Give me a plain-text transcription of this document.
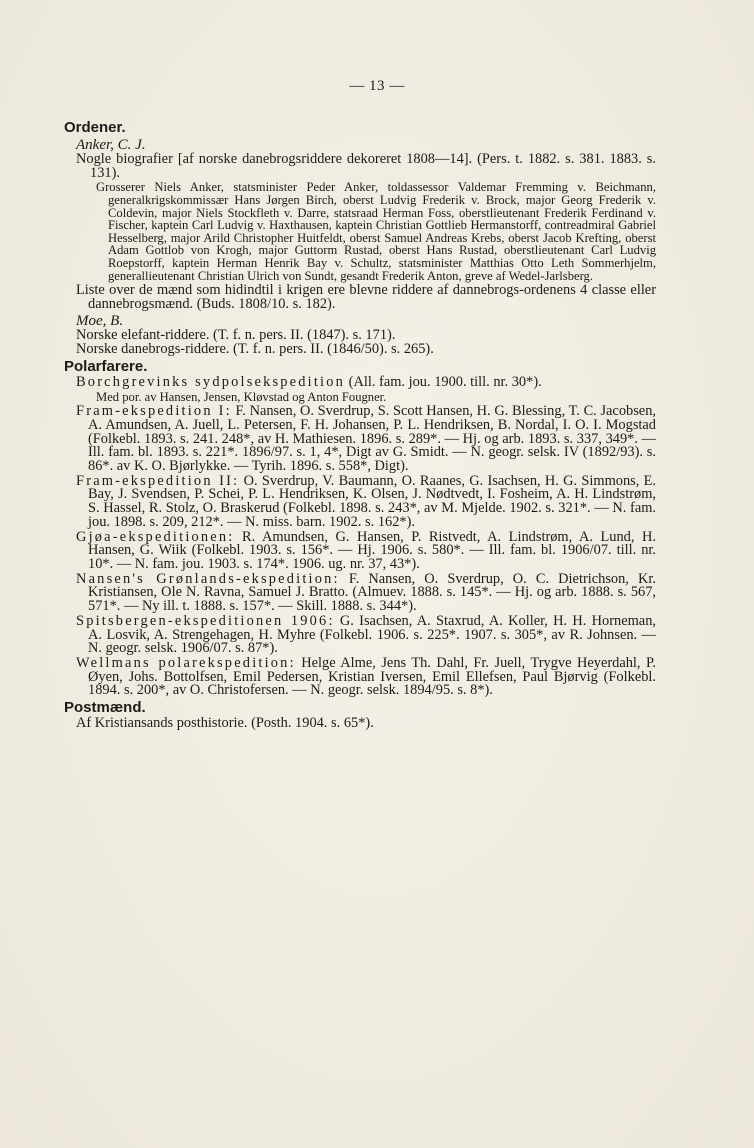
— 13 —
Ordener.
Anker, C. J.
Nogle biografier [af norske danebrogsriddere dekoreret 1808—14]. (Pers. t. 1882. s. 381. 1883. s. 131).
Grosserer Niels Anker, statsminister Peder Anker, toldassessor Valdemar Fremming v. Beichmann, generalkrigskommissær Hans Jørgen Birch, oberst Ludvig Frederik v. Brock, major Georg Frederik v. Coldevin, major Niels Stockfleth v. Darre, statsraad Herman Foss, oberstlieutenant Frederik Ferdinand v. Fischer, kaptein Carl Ludvig v. Haxthausen, kaptein Christian Gottlieb Hermanstorff, contreadmiral Gabriel Hesselberg, major Arild Christopher Huitfeldt, oberst Samuel Andreas Krebs, oberst Jacob Krefting, oberst Adam Gottlob von Krogh, major Guttorm Rustad, oberst Hans Rustad, oberstlieutenant Carl Ludvig Roepstorff, kaptein Herman Henrik Bay v. Schultz, statsminister Matthias Otto Leth Sommerhjelm, generallieutenant Christian Ulrich von Sundt, gesandt Frederik Anton, greve af Wedel-Jarlsberg.
Liste over de mænd som hidindtil i krigen ere blevne riddere af dannebrogs-ordenens 4 classe eller dannebrogsmænd. (Buds. 1808/10. s. 182).
Moe, B.
Norske elefant-riddere. (T. f. n. pers. II. (1847). s. 171).
Norske danebrogs-riddere. (T. f. n. pers. II. (1846/50). s. 265).
Polarfarere.
Borchgrevinks sydpolsekspedition (All. fam. jou. 1900. till. nr. 30*).
Med por. av Hansen, Jensen, Kløvstad og Anton Fougner.
Fram-ekspedition I: F. Nansen, O. Sverdrup, S. Scott Hansen, H. G. Blessing, T. C. Jacobsen, A. Amundsen, A. Juell, L. Petersen, F. H. Johansen, P. L. Hendriksen, B. Nordal, I. O. I. Mogstad (Folkebl. 1893. s. 241. 248*, av H. Mathiesen. 1896. s. 289*. — Hj. og arb. 1893. s. 337, 349*. — Ill. fam. bl. 1893. s. 221*. 1896/97. s. 1, 4*, Digt av G. Smidt. — N. geogr. selsk. IV (1892/93). s. 86*. av K. O. Bjørlykke. — Tyrih. 1896. s. 558*, Digt).
Fram-ekspedition II: O. Sverdrup, V. Baumann, O. Raanes, G. Isachsen, H. G. Simmons, E. Bay, J. Svendsen, P. Schei, P. L. Hendriksen, K. Olsen, J. Nødtvedt, I. Fosheim, A. H. Lindstrøm, S. Hassel, R. Stolz, O. Braskerud (Folkebl. 1898. s. 243*, av M. Mjelde. 1902. s. 321*. — N. fam. jou. 1898. s. 209, 212*. — N. miss. barn. 1902. s. 162*).
Gjøa-ekspeditionen: R. Amundsen, G. Hansen, P. Ristvedt, A. Lindstrøm, A. Lund, H. Hansen, G. Wiik (Folkebl. 1903. s. 156*. — Hj. 1906. s. 580*. — Ill. fam. bl. 1906/07. till. nr. 10*. — N. fam. jou. 1903. s. 174*. 1906. ug. nr. 37, 43*).
Nansen's Grønlands-ekspedition: F. Nansen, O. Sverdrup, O. C. Dietrichson, Kr. Kristiansen, Ole N. Ravna, Samuel J. Bratto. (Almuev. 1888. s. 145*. — Hj. og arb. 1888. s. 567, 571*. — Ny ill. t. 1888. s. 157*. — Skill. 1888. s. 344*).
Spitsbergen-ekspeditionen 1906: G. Isachsen, A. Staxrud, A. Koller, H. H. Horneman, A. Losvik, A. Strengehagen, H. Myhre (Folkebl. 1906. s. 225*. 1907. s. 305*, av R. Johnsen. — N. geogr. selsk. 1906/07. s. 87*).
Wellmans polarekspedition: Helge Alme, Jens Th. Dahl, Fr. Juell, Trygve Heyerdahl, P. Øyen, Johs. Bottolfsen, Emil Pedersen, Kristian Iversen, Emil Ellefsen, Paul Bjørvig (Folkebl. 1894. s. 200*, av O. Christofersen. — N. geogr. selsk. 1894/95. s. 8*).
Postmænd.
Af Kristiansands posthistorie. (Posth. 1904. s. 65*).
